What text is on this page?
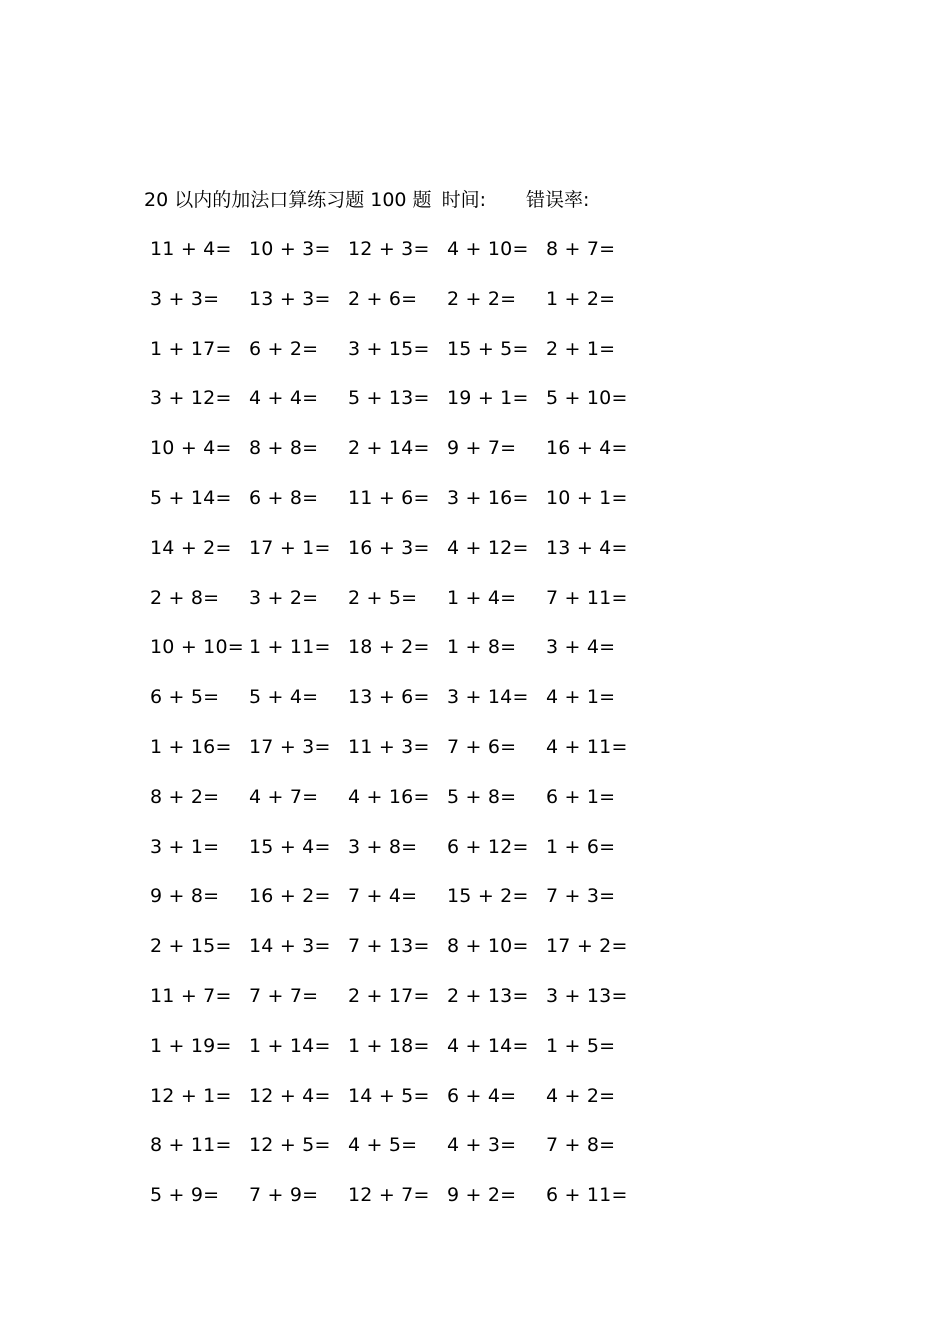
20 以内的加法口算练习题 100 题 时间: 错误率:
11 + 4= 10 + 3= 12 + 3= 4 + 10= 8 + 7=
3 + 3= 13 + 3= 2 + 6= 2 + 2= 1 + 2=
1 + 17= 6 + 2= 3 + 15= 15 + 5= 2 + 1=
3 + 12= 4 + 4= 5 + 13= 19 + 1= 5 + 10=
10 + 4= 8 + 8= 2 + 14= 9 + 7= 16 + 4=
5 + 14= 6 + 8= 11 + 6= 3 + 16= 10 + 1=
14 + 2= 17 + 1= 16 + 3= 4 + 12= 13 + 4=
2 + 8= 3 + 2= 2 + 5= 1 + 4= 7 + 11=
10 + 10= 1 + 11= 18 + 2= 1 + 8= 3 + 4=
6 + 5= 5 + 4= 13 + 6= 3 + 14= 4 + 1=
1 + 16= 17 + 3= 11 + 3= 7 + 6= 4 + 11=
8 + 2= 4 + 7= 4 + 16= 5 + 8= 6 + 1=
3 + 1= 15 + 4= 3 + 8= 6 + 12= 1 + 6=
9 + 8= 16 + 2= 7 + 4= 15 + 2= 7 + 3=
2 + 15= 14 + 3= 7 + 13= 8 + 10= 17 + 2=
11 + 7= 7 + 7= 2 + 17= 2 + 13= 3 + 13=
1 + 19= 1 + 14= 1 + 18= 4 + 14= 1 + 5=
12 + 1= 12 + 4= 14 + 5= 6 + 4= 4 + 2=
8 + 11= 12 + 5= 4 + 5= 4 + 3= 7 + 8=
5 + 9= 7 + 9= 12 + 7= 9 + 2= 6 + 11=
